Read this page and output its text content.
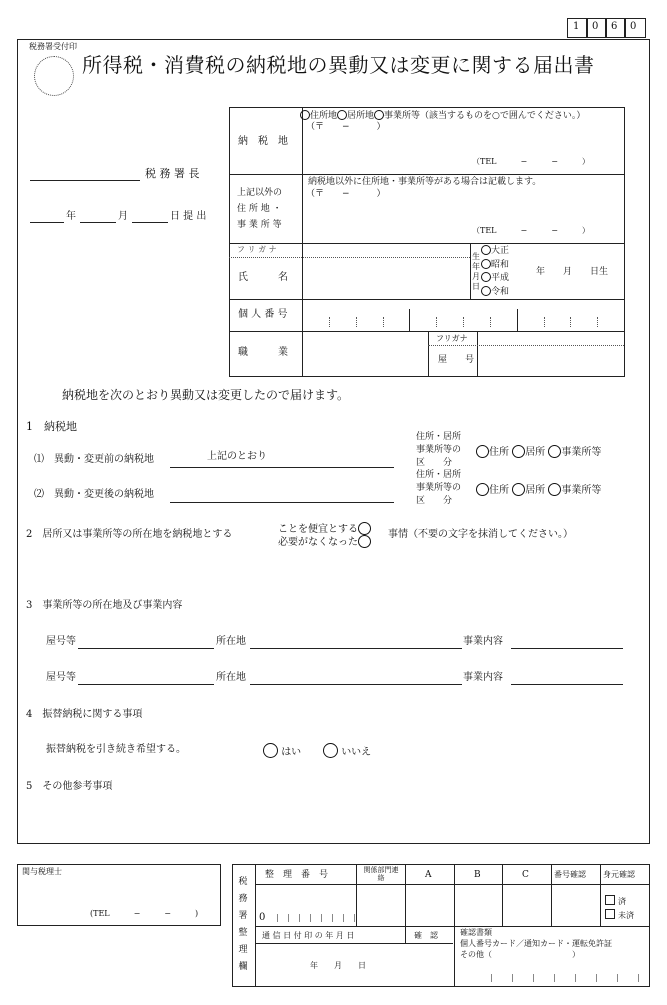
1 0 6 0
税務署受付印
所得税・消費税の納税地の異動又は変更に関する届出書
税 務 署 長
年	月	日 提 出
納　税　地
住所地 居所地 事業所等（該当するものを○で囲んでください。）
（〒　　−　　　）
（TEL　　　−　　　−　　　）
上記以外の
住 所 地 ・
事 業 所 等
納税地以外に住所地・事業所等がある場合は記載します。
（〒　　−　　　）
（TEL　　　−　　　−　　　）
フ リ ガ ナ
氏　　　名
生年月日
大正
昭和
平成
令和
年　　月　　日生
個 人 番 号
職　　　業
フリガナ
屋　　号
納税地を次のとおり異動又は変更したので届けます。
1　納税地
⑴　異動・変更前の納税地	上記のとおり
住所・居所
事業所等の
区　　分
住所 居所 事業所等
⑵　異動・変更後の納税地
住所・居所
事業所等の
区　　分
住所 居所 事業所等
2　居所又は事業所等の所在地を納税地とする	ことを便宜とする
必要がなくなった
事情（不要の文字を抹消してください。）
3　事業所等の所在地及び事業内容
屋号等	所在地	事業内容
屋号等	所在地	事業内容
4　振替納税に関する事項
振替納税を引き続き希望する。	はい	いいえ
5　その他参考事項
関与税理士
(TEL　　　−　　　−　　　)
税
務
署
整
理
欄
整　理　番　号	関係部門連絡	A	B	C	番号確認 身元確認
済
未済
0
通 信 日 付 印 の 年 月 日	確　認
年　　月　　日
確認書類
個人番号カード／通知カード・運転免許証
その他（　　　　　　　　　　）
